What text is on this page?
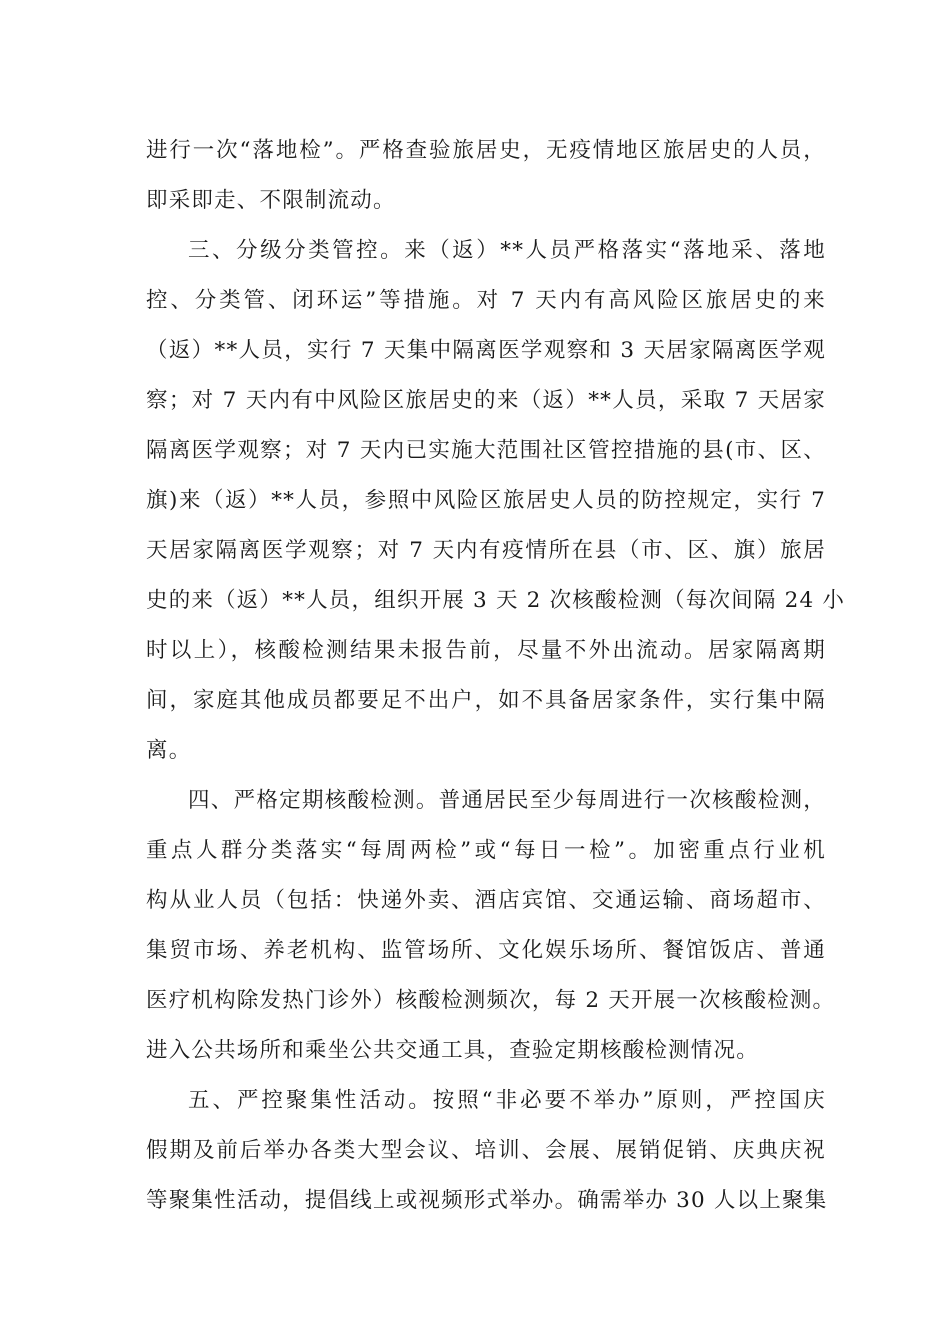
进行一次“落地检”。严格查验旅居史，无疫情地区旅居史的人员，
即采即走、不限制流动。
三、分级分类管控。来（返）**人员严格落实“落地采、落地
控、分类管、闭环运”等措施。对 7 天内有高风险区旅居史的来
（返）**人员，实行 7 天集中隔离医学观察和 3 天居家隔离医学观
察；对 7 天内有中风险区旅居史的来（返）**人员，采取 7 天居家
隔离医学观察；对 7 天内已实施大范围社区管控措施的县(市、区、
旗)来（返）**人员，参照中风险区旅居史人员的防控规定，实行 7
天居家隔离医学观察；对 7 天内有疫情所在县（市、区、旗）旅居
史的来（返）**人员，组织开展 3 天 2 次核酸检测（每次间隔 24 小
时以上），核酸检测结果未报告前，尽量不外出流动。居家隔离期
间，家庭其他成员都要足不出户，如不具备居家条件，实行集中隔
离。
四、严格定期核酸检测。普通居民至少每周进行一次核酸检测，
重点人群分类落实“每周两检”或“每日一检”。加密重点行业机
构从业人员（包括：快递外卖、酒店宾馆、交通运输、商场超市、
集贸市场、养老机构、监管场所、文化娱乐场所、餐馆饭店、普通
医疗机构除发热门诊外）核酸检测频次，每 2 天开展一次核酸检测。
进入公共场所和乘坐公共交通工具，查验定期核酸检测情况。
五、严控聚集性活动。按照“非必要不举办”原则，严控国庆
假期及前后举办各类大型会议、培训、会展、展销促销、庆典庆祝
等聚集性活动，提倡线上或视频形式举办。确需举办 30 人以上聚集
